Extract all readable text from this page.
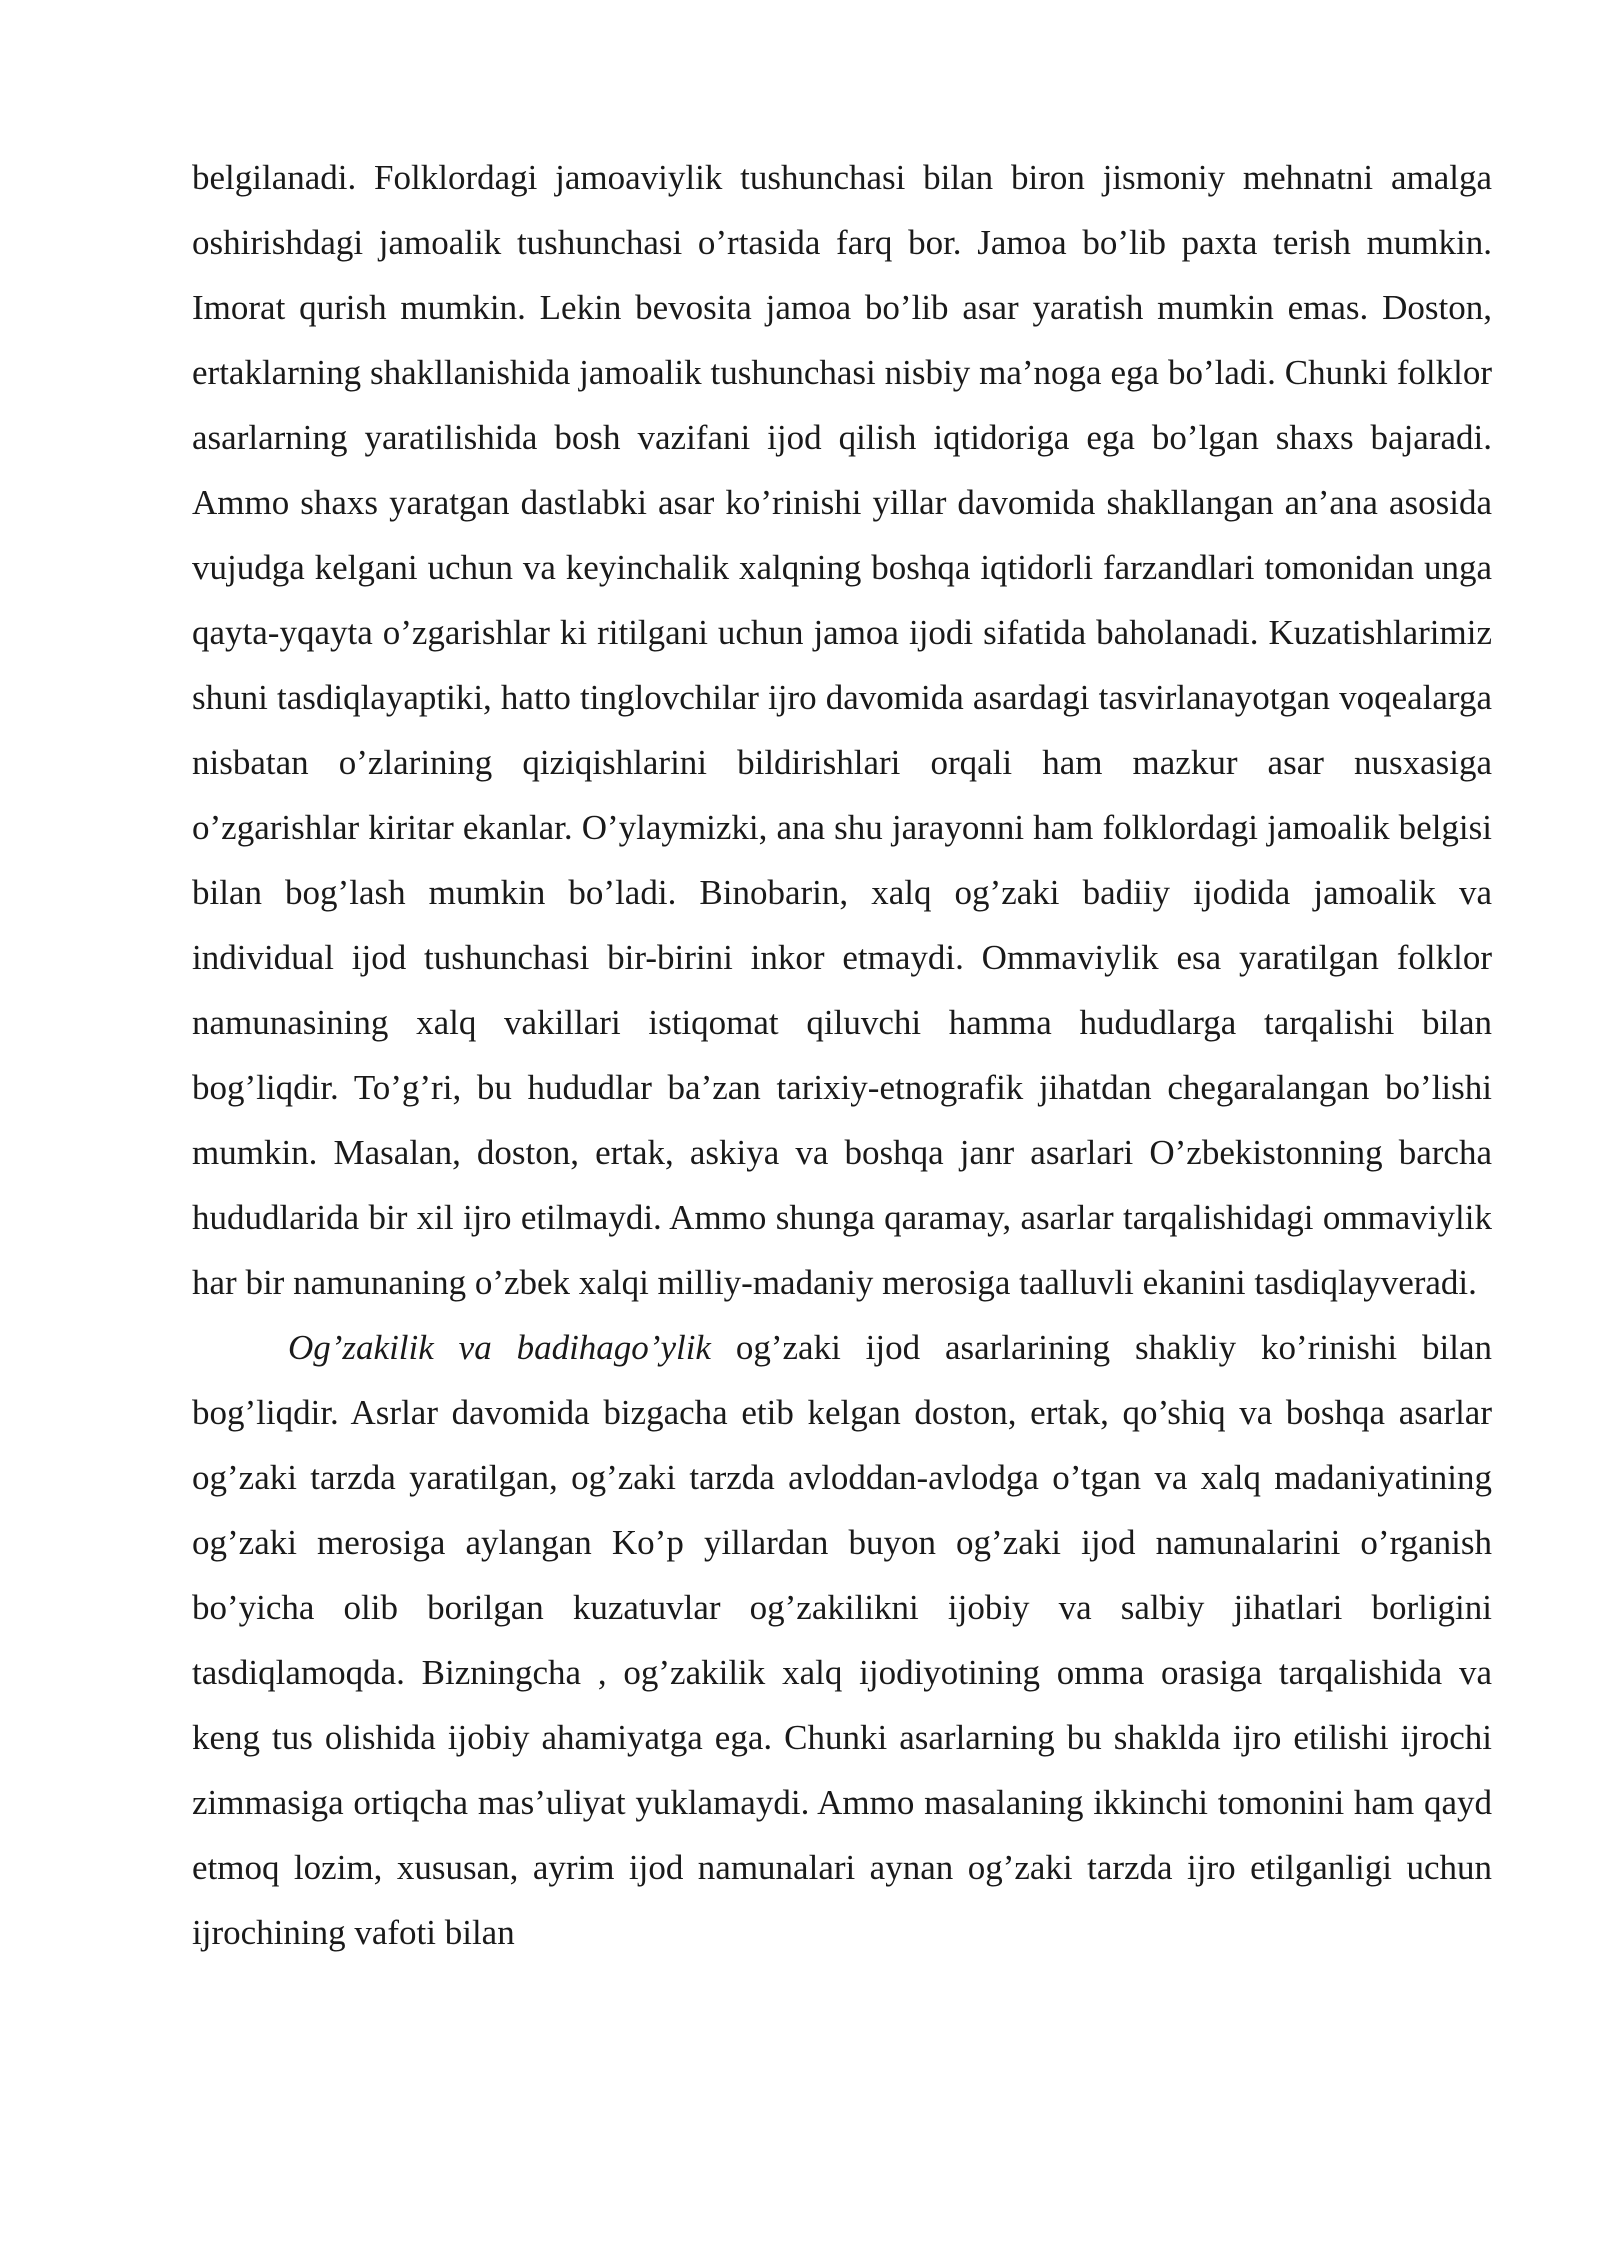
belgilanadi. Folklordagi jamoaviylik tushunchasi bilan biron jismoniy mehnatni amalga oshirishdagi jamoalik tushunchasi o’rtasida farq bor. Jamoa bo’lib paxta terish mumkin. Imorat qurish mumkin. Lekin bevosita jamoa bo’lib asar yaratish mumkin emas. Doston, ertaklarning shakllanishida jamoalik tushunchasi nisbiy ma’noga ega bo’ladi. Chunki folklor asarlarning yaratilishida bosh vazifani ijod qilish iqtidoriga ega bo’lgan shaxs bajaradi. Ammo shaxs yaratgan dastlabki asar ko’rinishi yillar davomida shakllangan an’ana asosida vujudga kelgani uchun va keyinchalik xalqning boshqa iqtidorli farzandlari tomonidan unga qayta-yqayta o’zgarishlar ki ritilgani uchun jamoa ijodi sifatida baholanadi. Kuzatishlarimiz shuni tasdiqlayaptiki, hatto tinglovchilar ijro davomida asardagi tasvirlanayotgan voqealarga nisbatan o’zlarining qiziqishlarini bildirishlari orqali ham mazkur asar nusxasiga o’zgarishlar kiritar ekanlar. O’ylaymizki, ana shu jarayonni ham folklordagi jamoalik belgisi bilan bog’lash mumkin bo’ladi. Binobarin, xalq og’zaki badiiy ijodida jamoalik va individual ijod tushunchasi bir-birini inkor etmaydi. Ommaviylik esa yaratilgan folklor namunasining xalq vakillari istiqomat qiluvchi hamma hududlarga tarqalishi bilan bog’liqdir. To’g’ri, bu hududlar ba’zan tarixiy-etnografik jihatdan chegaralangan bo’lishi mumkin. Masalan, doston, ertak, askiya va boshqa janr asarlari O’zbekistonning barcha hududlarida bir xil ijro etilmaydi. Ammo shunga qaramay, asarlar tarqalishidagi ommaviylik har bir namunaning o’zbek xalqi milliy-madaniy merosiga taalluvli ekanini tasdiqlayveradi.

Og’zakilik va badihago’ylik og’zaki ijod asarlarining shakliy ko’rinishi bilan bog’liqdir. Asrlar davomida bizgacha etib kelgan doston, ertak, qo’shiq va boshqa asarlar og’zaki tarzda yaratilgan, og’zaki tarzda avloddan-avlodga o’tgan va xalq madaniyatining og’zaki merosiga aylangan Ko’p yillardan buyon og’zaki ijod namunalarini o’rganish bo’yicha olib borilgan kuzatuvlar og’zakilikni ijobiy va salbiy jihatlari borligini tasdiqlamoqda. Bizningcha , og’zakilik xalq ijodiyotining omma orasiga tarqalishida va keng tus olishida ijobiy ahamiyatga ega. Chunki asarlarning bu shaklda ijro etilishi ijrochi zimmasiga ortiqcha mas’uliyat yuklamaydi. Ammo masalaning ikkinchi tomonini ham qayd etmoq lozim, xususan, ayrim ijod namunalari aynan og’zaki tarzda ijro etilganligi uchun ijrochining vafoti bilan
